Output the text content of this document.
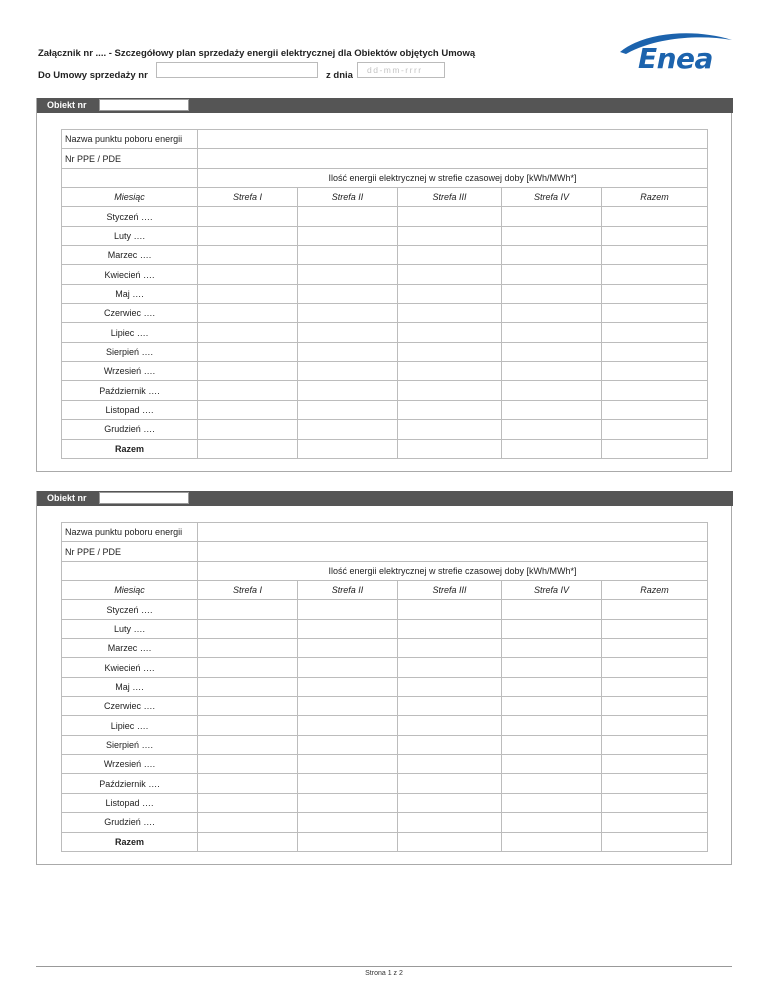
Załącznik nr .... - Szczegółowy plan sprzedaży energii elektrycznej dla Obiektów objętych Umową
Do Umowy sprzedaży nr	z dnia	dd-mm-rrrr	Enea
Obiekt nr
Nazwa punktu poboru energii					
Nr PPE / PDE					
	Ilość energii elektrycznej w strefie czasowej doby [kWh/MWh*]				
Miesiąc	Strefa I	Strefa II	Strefa III	Strefa IV	Razem
Styczeń ….					
Luty ….					
Marzec ….					
Kwiecień ….					
Maj ….					
Czerwiec ….					
Lipiec ….					
Sierpień ….					
Wrzesień ….					
Październik ….					
Listopad ….					
Grudzień ….					
Razem					
Obiekt nr
Nazwa punktu poboru energii					
Nr PPE / PDE					
	Ilość energii elektrycznej w strefie czasowej doby [kWh/MWh*]				
Miesiąc	Strefa I	Strefa II	Strefa III	Strefa IV	Razem
Styczeń ….					
Luty ….					
Marzec ….					
Kwiecień ….					
Maj ….					
Czerwiec ….					
Lipiec ….					
Sierpień ….					
Wrzesień ….					
Październik ….					
Listopad ….					
Grudzień ….					
Razem					
Strona 1 z 2
